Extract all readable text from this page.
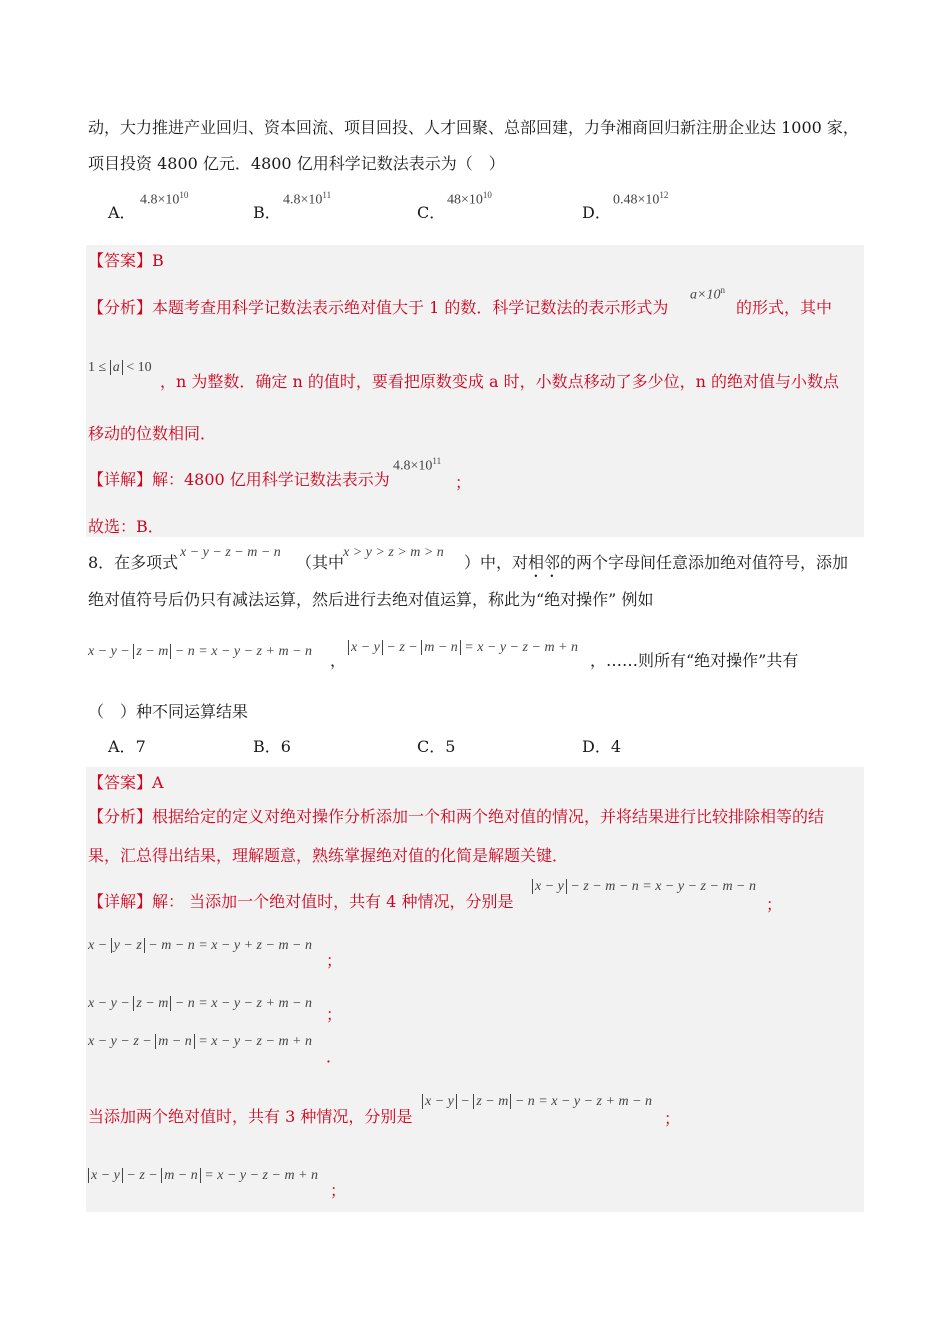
动，大力推进产业回归、资本回流、项目回投、人才回聚、总部回建，力争湘商回归新注册企业达 1000 家，
项目投资 4800 亿元．4800 亿用科学记数法表示为（　）
A．
$4.8\times 10^{10}$
B．
$4.8\times 10^{11}$
C．
$48\times 10^{10}$
D．
$0.48\times 10^{12}$
【答案】B
【分析】本题考查用科学记数法表示绝对值大于 1 的数．科学记数法的表示形式为
$a\times 10^n$
的形式，其中
1 ≤ a < 10
，n 为整数．确定 n 的值时，要看把原数变成 a 时，小数点移动了多少位，n 的绝对值与小数点
移动的位数相同．
【详解】解：4800 亿用科学记数法表示为
$4.8\times 10^{11}$
；
故选：B．
8．在多项式
x − y − z − m − n
（其中
x > y > z > m > n
）中，对相邻的两个字母间任意添加绝对值符号，添加
绝对值符号后仍只有减法运算，然后进行去绝对值运算，称此为“绝对操作” 例如
x − y − z − m − n = x − y − z + m − n ，
x − y − z − m − n = x − y − z − m + n
，……则所有“绝对操作”共有
（　）种不同运算结果
A．7	B．6	C．5	D．4
【答案】A
【分析】根据给定的定义对绝对操作分析添加一个和两个绝对值的情况，并将结果进行比较排除相等的结
果，汇总得出结果，理解题意，熟练掌握绝对值的化简是解题关键．
【详解】解： 当添加一个绝对值时，共有 4 种情况，分别是
x − y − z − m − n = x − y − z − m − n
；
x − y − z − m − n = x − y + z − m − n
；
x − y − z − m − n = x − y − z + m − n
；
x − y − z − m − n = x − y − z − m + n
．
当添加两个绝对值时，共有 3 种情况，分别是
x − y − z − m − n = x − y − z + m − n
；
x − y − z − m − n = x − y − z − m + n
；
